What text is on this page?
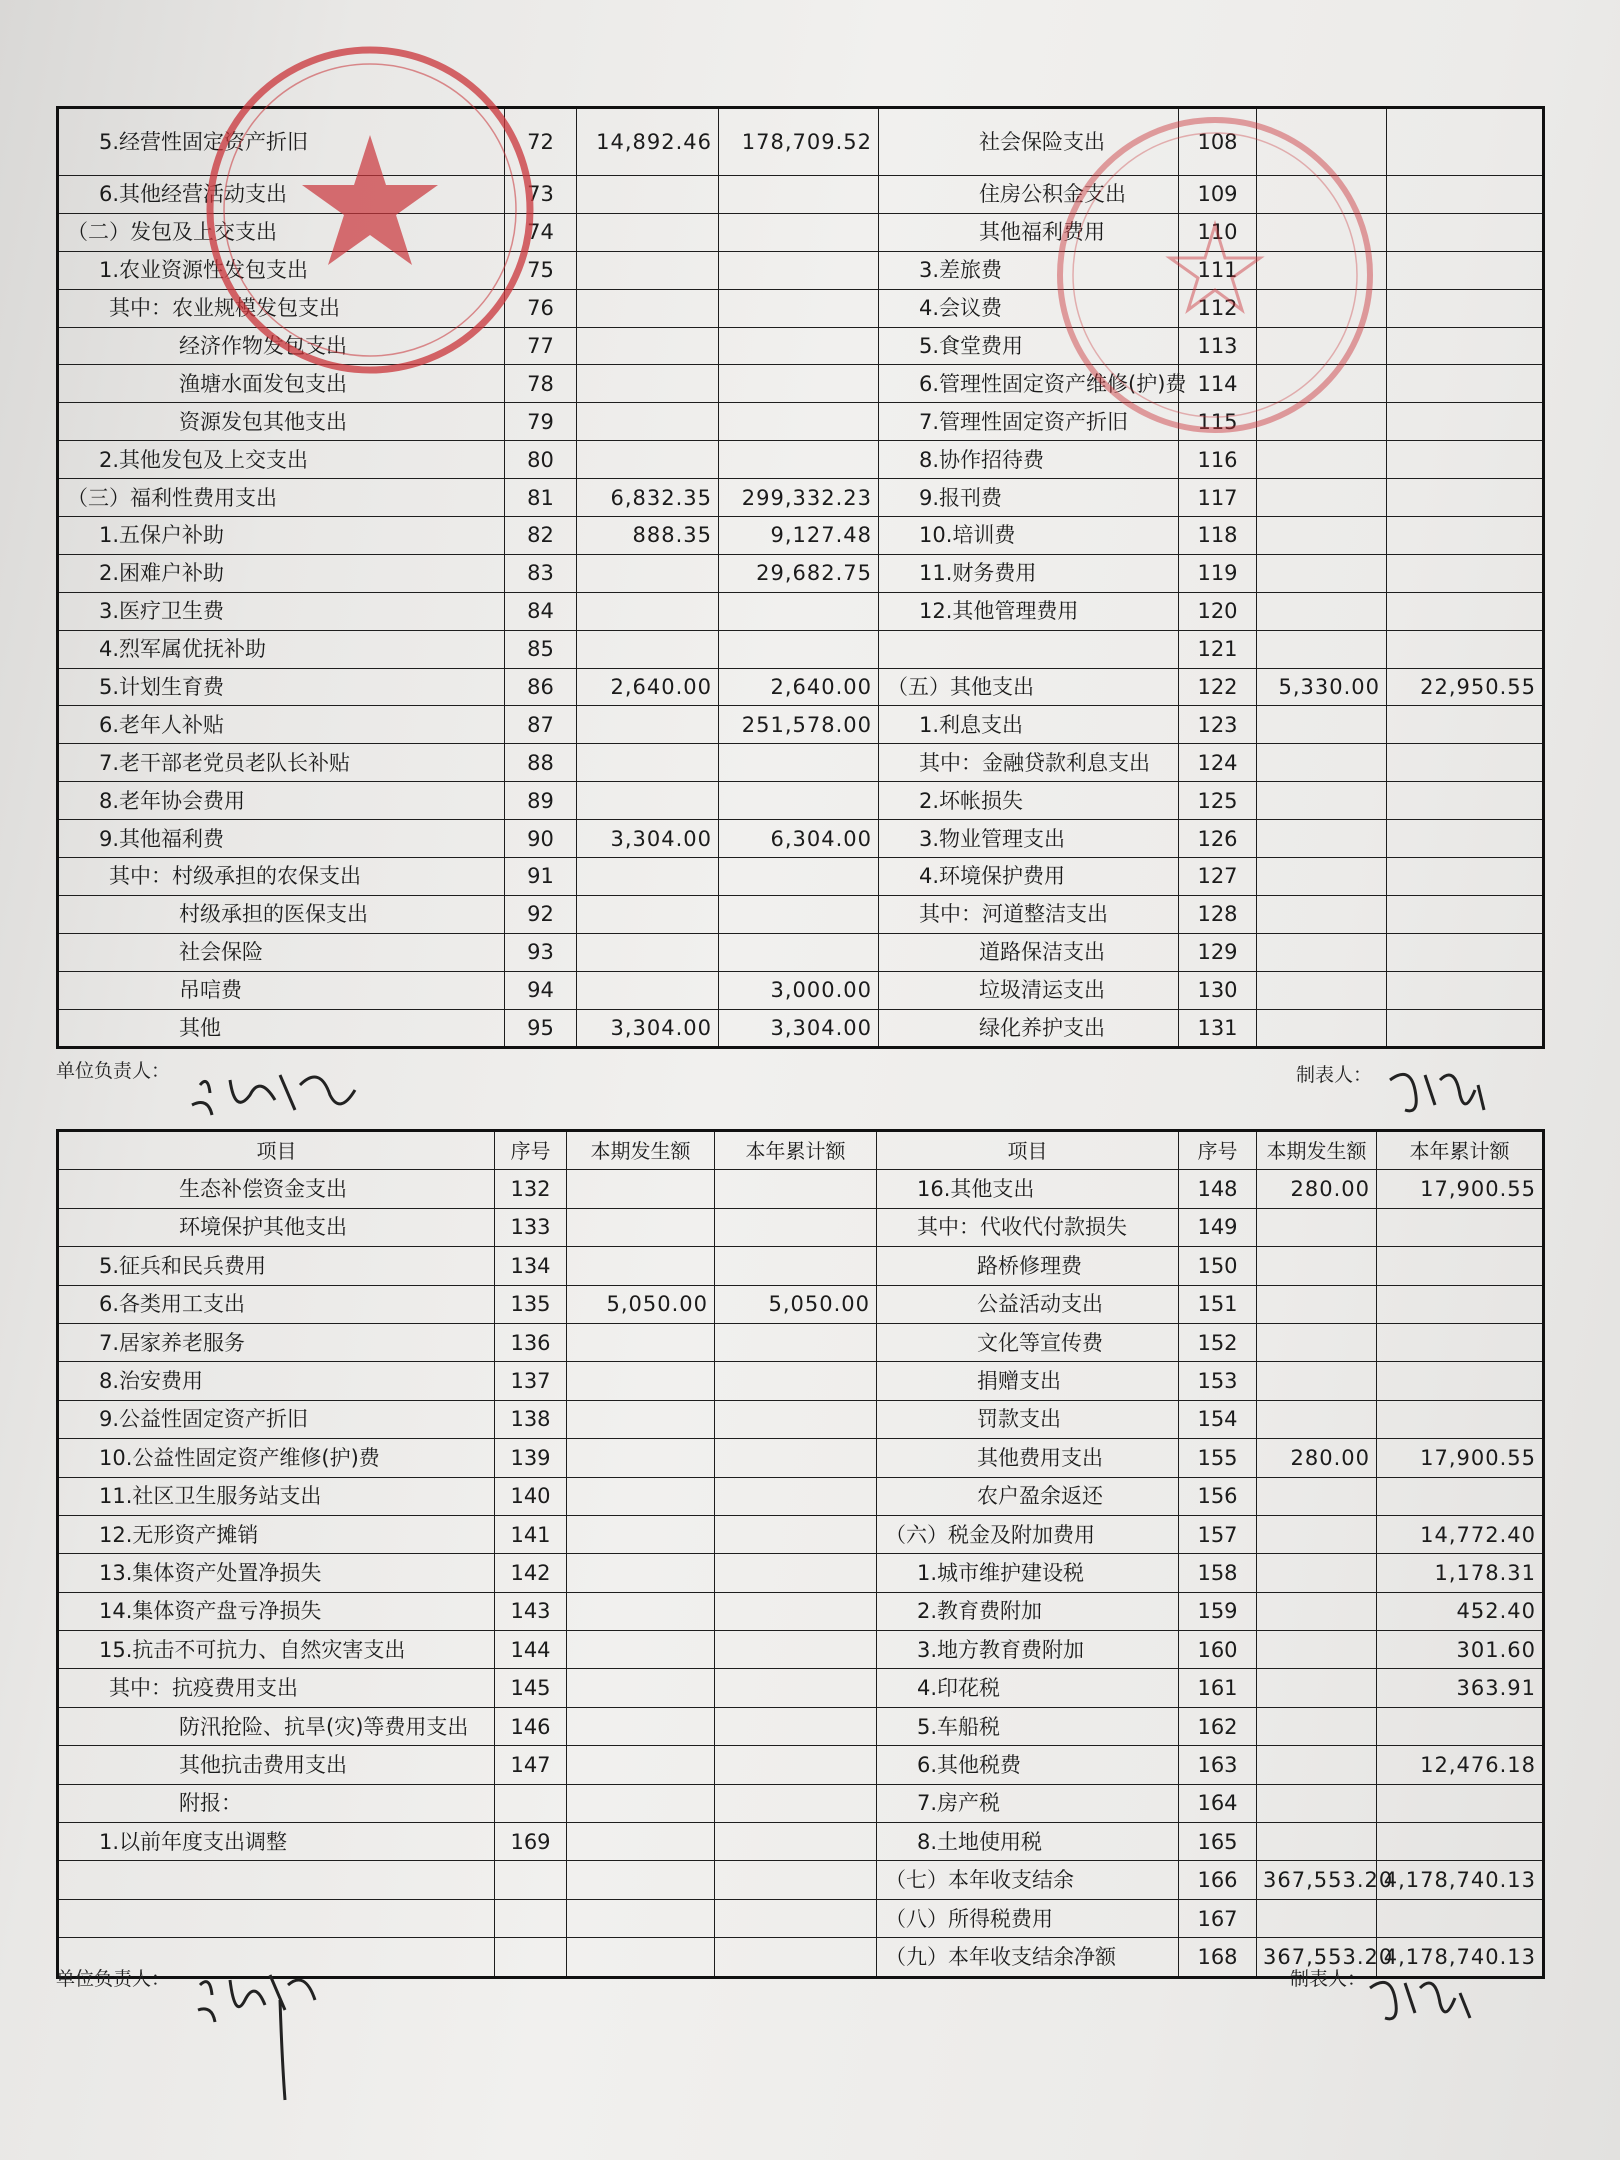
5.经营性固定资产折旧	72	14,892.46	178,709.52	社会保险支出	108		
6.其他经营活动支出	73			住房公积金支出	109		
（二）发包及上交支出	74			其他福利费用	110		
1.农业资源性发包支出	75			3.差旅费	111		
其中：农业规模发包支出	76			4.会议费	112		
经济作物发包支出	77			5.食堂费用	113		
渔塘水面发包支出	78			6.管理性固定资产维修(护)费	114		
资源发包其他支出	79			7.管理性固定资产折旧	115		
2.其他发包及上交支出	80			8.协作招待费	116		
（三）福利性费用支出	81	6,832.35	299,332.23	9.报刊费	117		
1.五保户补助	82	888.35	9,127.48	10.培训费	118		
2.困难户补助	83		29,682.75	11.财务费用	119		
3.医疗卫生费	84			12.其他管理费用	120		
4.烈军属优抚补助	85				121		
5.计划生育费	86	2,640.00	2,640.00	（五）其他支出	122	5,330.00	22,950.55
6.老年人补贴	87		251,578.00	1.利息支出	123		
7.老干部老党员老队长补贴	88			其中：金融贷款利息支出	124		
8.老年协会费用	89			2.坏帐损失	125		
9.其他福利费	90	3,304.00	6,304.00	3.物业管理支出	126		
其中：村级承担的农保支出	91			4.环境保护费用	127		
村级承担的医保支出	92			其中：河道整洁支出	128		
社会保险	93			道路保洁支出	129		
吊唁费	94		3,000.00	垃圾清运支出	130		
其他	95	3,304.00	3,304.00	绿化养护支出	131		
单位负责人：	制表人：
项目	序号	本期发生额	本年累计额	项目	序号	本期发生额	本年累计额
生态补偿资金支出	132			16.其他支出	148	280.00	17,900.55
环境保护其他支出	133			其中：代收代付款损失	149		
5.征兵和民兵费用	134			路桥修理费	150		
6.各类用工支出	135	5,050.00	5,050.00	公益活动支出	151		
7.居家养老服务	136			文化等宣传费	152		
8.治安费用	137			捐赠支出	153		
9.公益性固定资产折旧	138			罚款支出	154		
10.公益性固定资产维修(护)费	139			其他费用支出	155	280.00	17,900.55
11.社区卫生服务站支出	140			农户盈余返还	156		
12.无形资产摊销	141			（六）税金及附加费用	157		14,772.40
13.集体资产处置净损失	142			1.城市维护建设税	158		1,178.31
14.集体资产盘亏净损失	143			2.教育费附加	159		452.40
15.抗击不可抗力、自然灾害支出	144			3.地方教育费附加	160		301.60
其中：抗疫费用支出	145			4.印花税	161		363.91
防汛抢险、抗旱(灾)等费用支出	146			5.车船税	162		
其他抗击费用支出	147			6.其他税费	163		12,476.18
附报：				7.房产税	164		
1.以前年度支出调整	169			8.土地使用税	165		
				（七）本年收支结余	166	367,553.20	4,178,740.13
				（八）所得税费用	167		
				（九）本年收支结余净额	168	367,553.20	4,178,740.13
单位负责人：	制表人：
